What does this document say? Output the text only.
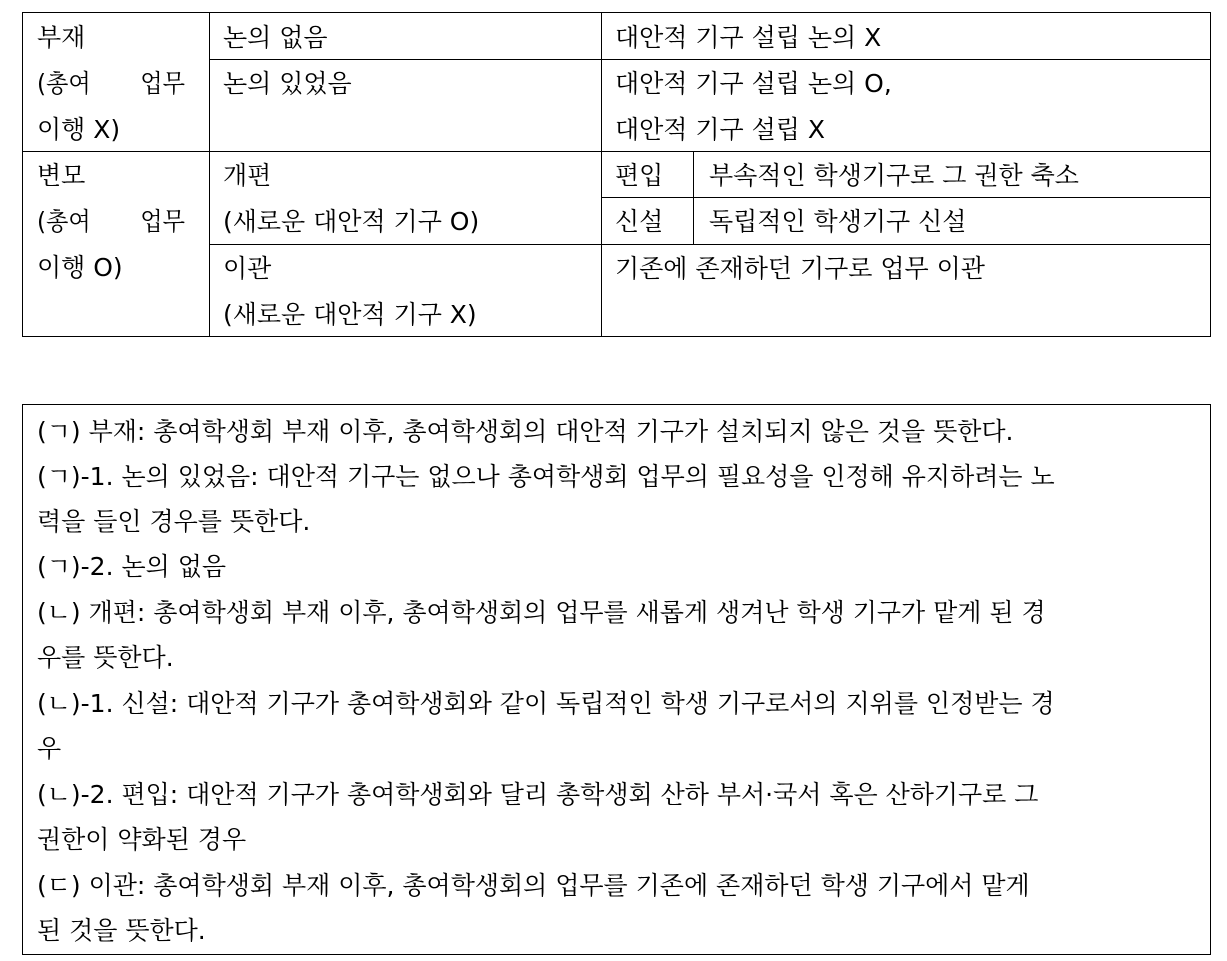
부재
(총여 업무
이행 X)
논의 없음	대안적 기구 설립 논의 X
논의 있었음	대안적 기구 설립 논의 O,
대안적 기구 설립 X
변모
(총여 업무
이행 O)
개편
(새로운 대안적 기구 O)
편입 부속적인 학생기구로 그 권한 축소
신설 독립적인 학생기구 신설
이관
(새로운 대안적 기구 X)
기존에 존재하던 기구로 업무 이관
(ㄱ) 부재: 총여학생회 부재 이후, 총여학생회의 대안적 기구가 설치되지 않은 것을 뜻한다.
(ㄱ)-1. 논의 있었음: 대안적 기구는 없으나 총여학생회 업무의 필요성을 인정해 유지하려는 노
력을 들인 경우를 뜻한다.
(ㄱ)-2. 논의 없음
(ㄴ) 개편: 총여학생회 부재 이후, 총여학생회의 업무를 새롭게 생겨난 학생 기구가 맡게 된 경
우를 뜻한다.
(ㄴ)-1. 신설: 대안적 기구가 총여학생회와 같이 독립적인 학생 기구로서의 지위를 인정받는 경
우
(ㄴ)-2. 편입: 대안적 기구가 총여학생회와 달리 총학생회 산하 부서·국서 혹은 산하기구로 그
권한이 약화된 경우
(ㄷ) 이관: 총여학생회 부재 이후, 총여학생회의 업무를 기존에 존재하던 학생 기구에서 맡게
된 것을 뜻한다.
